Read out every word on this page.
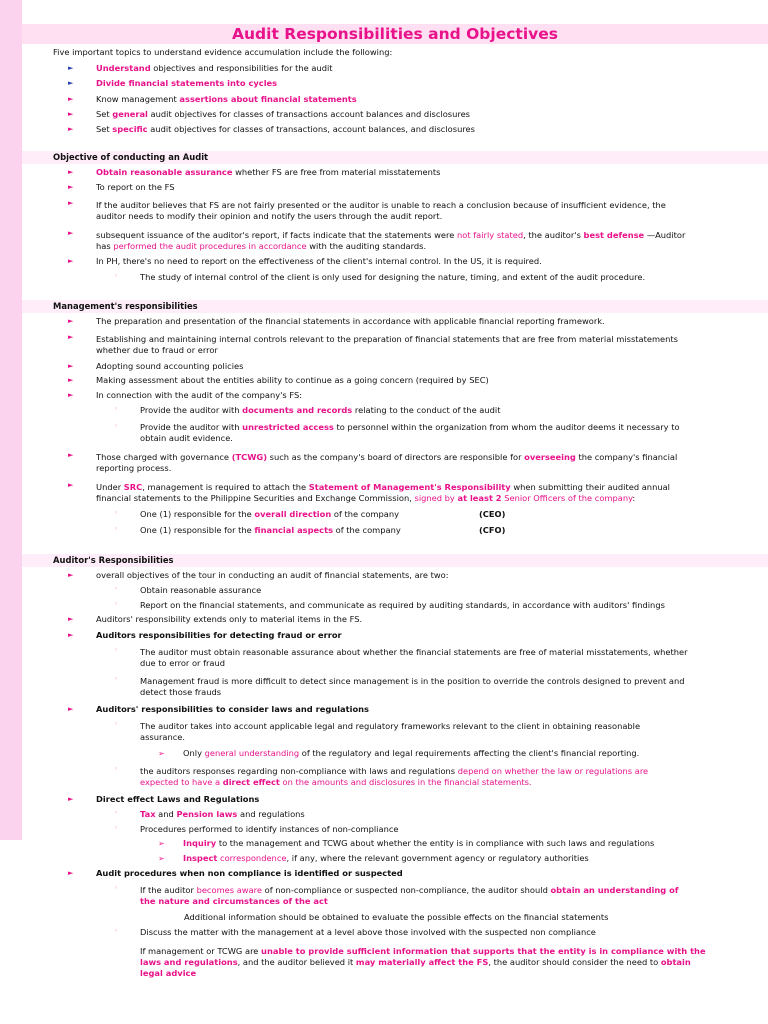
Audit Responsibilities and Objectives
Five important topics to understand evidence accumulation include the following:
►	Understand objectives and responsibilities for the audit
►	Divide financial statements into cycles
►	Know management assertions about financial statements
►	Set general audit objectives for classes of transactions account balances and disclosures
►	Set specific audit objectives for classes of transactions, account balances, and disclosures
Objective of conducting an Audit
►	Obtain reasonable assurance whether FS are free from material misstatements
►	To report on the FS
►	If the auditor believes that FS are not fairly presented or the auditor is unable to reach a conclusion because of insufficient evidence, the
auditor needs to modify their opinion and notify the users through the audit report.
►	subsequent issuance of the auditor's report, if facts indicate that the statements were not fairly stated, the auditor's best defense —Auditor
has performed the audit procedures in accordance with the auditing standards.
►	In PH, there's no need to report on the effectiveness of the client's internal control. In the US, it is required.
◦	The study of internal control of the client is only used for designing the nature, timing, and extent of the audit procedure.
Management's responsibilities
►	The preparation and presentation of the financial statements in accordance with applicable financial reporting framework.
►	Establishing and maintaining internal controls relevant to the preparation of financial statements that are free from material misstatements
whether due to fraud or error
►	Adopting sound accounting policies
►	Making assessment about the entities ability to continue as a going concern (required by SEC)
►	In connection with the audit of the company's FS:
◦	Provide the auditor with documents and records relating to the conduct of the audit
◦	Provide the auditor with unrestricted access to personnel within the organization from whom the auditor deems it necessary to
obtain audit evidence.
►	Those charged with governance (TCWG) such as the company's board of directors are responsible for overseeing the company's financial
reporting process.
►	Under SRC, management is required to attach the Statement of Management's Responsibility when submitting their audited annual
financial statements to the Philippine Securities and Exchange Commission, signed by at least 2 Senior Officers of the company:
◦	One (1) responsible for the overall direction of the company	(CEO)
◦	One (1) responsible for the financial aspects of the company	(CFO)
Auditor's Responsibilities
►	overall objectives of the tour in conducting an audit of financial statements, are two:
◦	Obtain reasonable assurance
◦	Report on the financial statements, and communicate as required by auditing standards, in accordance with auditors' findings
►	Auditors' responsibility extends only to material items in the FS.
►	Auditors responsibilities for detecting fraud or error
◦	The auditor must obtain reasonable assurance about whether the financial statements are free of material misstatements, whether
due to error or fraud
◦	Management fraud is more difficult to detect since management is in the position to override the controls designed to prevent and
detect those frauds
►	Auditors' responsibilities to consider laws and regulations
◦	The auditor takes into account applicable legal and regulatory frameworks relevant to the client in obtaining reasonable
assurance.
➢ Only general understanding of the regulatory and legal requirements affecting the client's financial reporting.
◦	the auditors responses regarding non-compliance with laws and regulations depend on whether the law or regulations are
expected to have a direct effect on the amounts and disclosures in the financial statements.
►	Direct effect Laws and Regulations
◦	Tax and Pension laws and regulations
◦	Procedures performed to identify instances of non-compliance
➢ Inquiry to the management and TCWG about whether the entity is in compliance with such laws and regulations
➢ Inspect correspondence, if any, where the relevant government agency or regulatory authorities
►	Audit procedures when non compliance is identified or suspected
◦	If the auditor becomes aware of non-compliance or suspected non-compliance, the auditor should obtain an understanding of
the nature and circumstances of the act
Additional information should be obtained to evaluate the possible effects on the financial statements
◦	Discuss the matter with the management at a level above those involved with the suspected non compliance
If management or TCWG are unable to provide sufficient information that supports that the entity is in compliance with the
laws and regulations, and the auditor believed it may materially affect the FS, the auditor should consider the need to obtain
legal advice
